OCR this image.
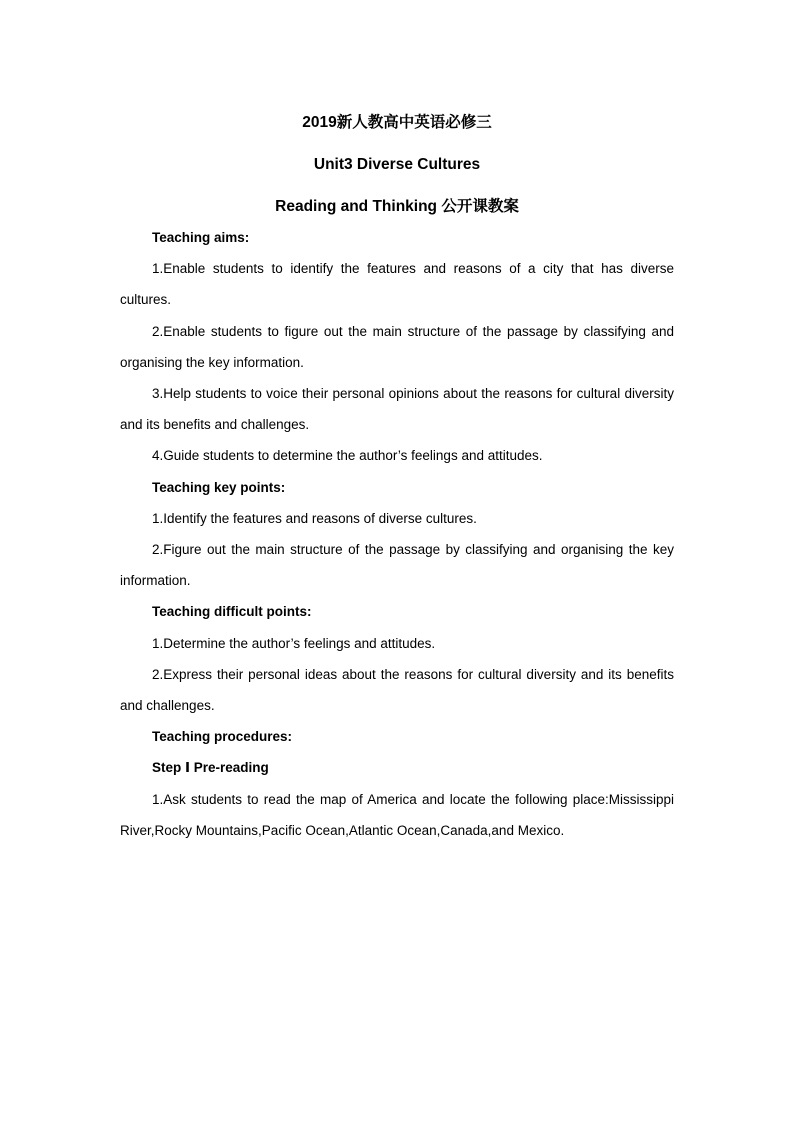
2019新人教高中英语必修三
Unit3 Diverse Cultures
Reading and Thinking 公开课教案

Teaching aims:

1.Enable students to identify the features and reasons of a city that has diverse cultures.

2.Enable students to figure out the main structure of the passage by classifying and organising the key information.

3.Help students to voice their personal opinions about the reasons for cultural diversity and its benefits and challenges.

4.Guide students to determine the author’s feelings and attitudes.

Teaching key points:

1.Identify the features and reasons of diverse cultures.

2.Figure out the main structure of the passage by classifying and organising the key information.

Teaching difficult points:

1.Determine the author’s feelings and attitudes.

2.Express their personal ideas about the reasons for cultural diversity and its benefits and challenges.

Teaching procedures:

Step Ⅰ Pre-reading

1.Ask students to read the map of America and locate the following place:Mississippi River,Rocky Mountains,Pacific Ocean,Atlantic Ocean,Canada,and Mexico.
